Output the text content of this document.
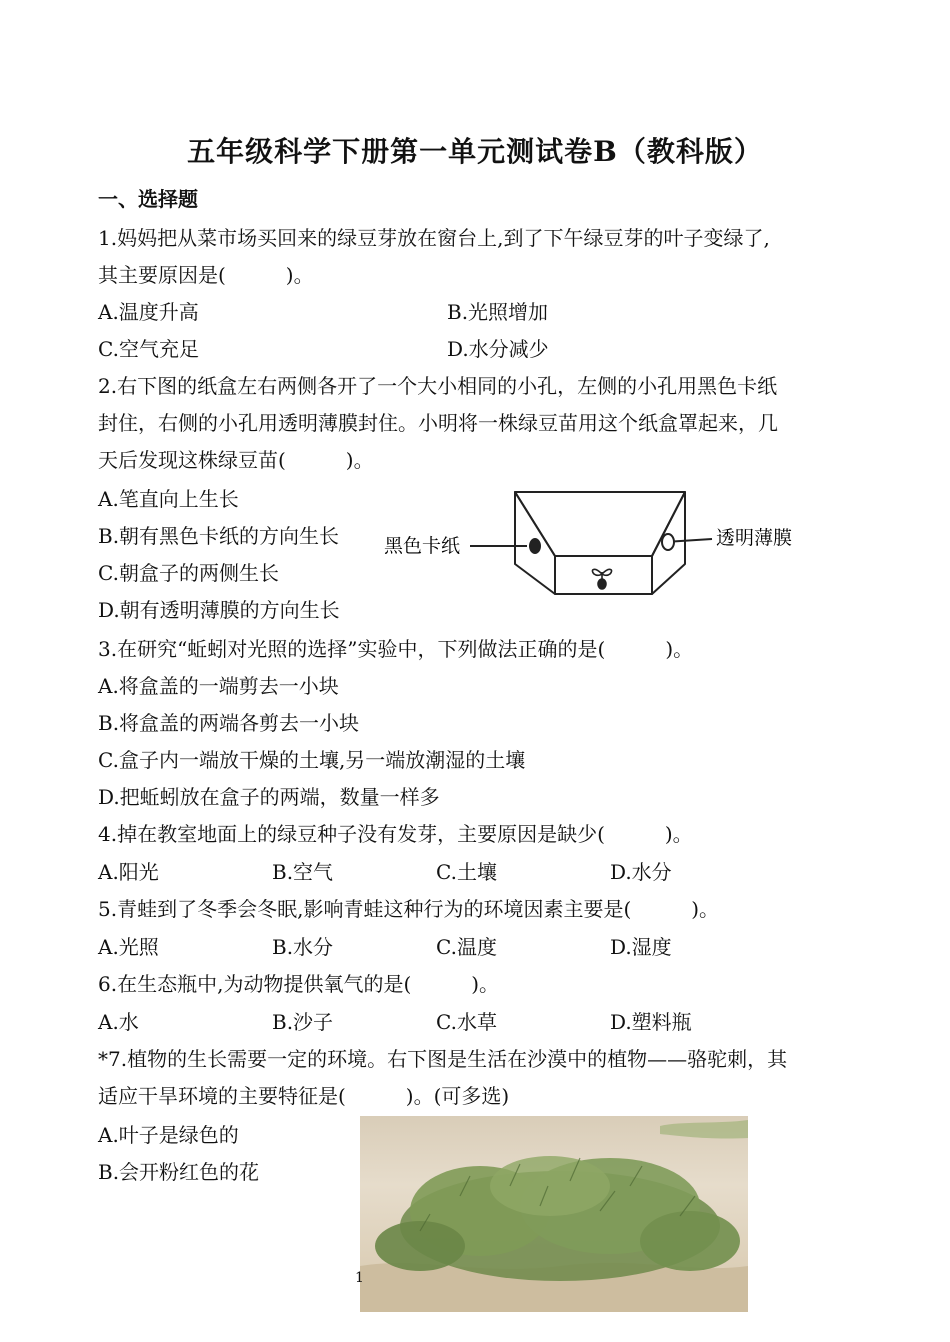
五年级科学下册第一单元测试卷B（教科版）
一、选择题
1.妈妈把从菜市场买回来的绿豆芽放在窗台上,到了下午绿豆芽的叶子变绿了,
其主要原因是(　　　)。
A.温度升高	B.光照增加
C.空气充足	D.水分减少
2.右下图的纸盒左右两侧各开了一个大小相同的小孔，左侧的小孔用黑色卡纸
封住，右侧的小孔用透明薄膜封住。小明将一株绿豆苗用这个纸盒罩起来，几
天后发现这株绿豆苗(　　　)。
A.笔直向上生长
B.朝有黑色卡纸的方向生长
C.朝盒子的两侧生长
D.朝有透明薄膜的方向生长
黑色卡纸	透明薄膜
3.在研究“蚯蚓对光照的选择”实验中，下列做法正确的是(　　　)。
A.将盒盖的一端剪去一小块
B.将盒盖的两端各剪去一小块
C.盒子内一端放干燥的土壤,另一端放潮湿的土壤
D.把蚯蚓放在盒子的两端，数量一样多
4.掉在教室地面上的绿豆种子没有发芽，主要原因是缺少(　　　)。
A.阳光	B.空气	C.土壤	D.水分
5.青蛙到了冬季会冬眠,影响青蛙这种行为的环境因素主要是(　　　)。
A.光照	B.水分	C.温度	D.湿度
6.在生态瓶中,为动物提供氧气的是(　　　)。
A.水	B.沙子	C.水草	D.塑料瓶
*7.植物的生长需要一定的环境。右下图是生活在沙漠中的植物——骆驼刺，其
适应干旱环境的主要特征是(　　　)。(可多选)
A.叶子是绿色的
B.会开粉红色的花
1
